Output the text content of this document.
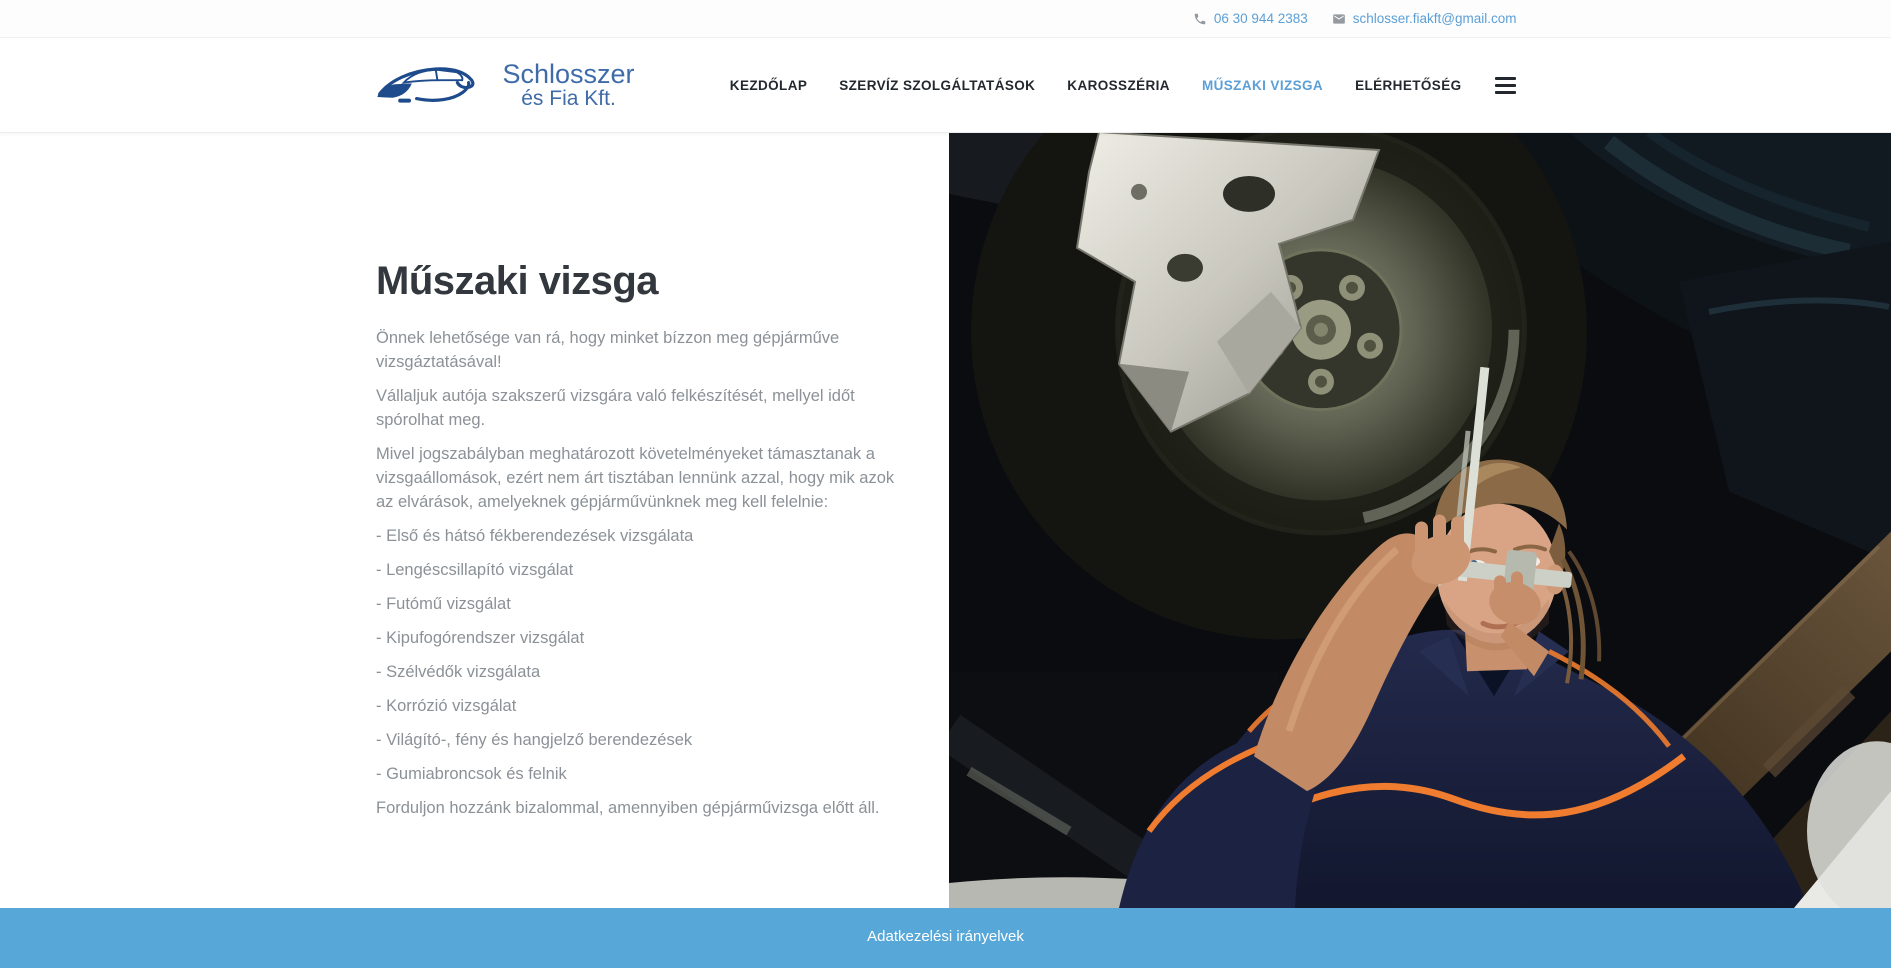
06 30 944 2383	schlosser.fiakft@gmail.com
Schlosszer
és Fia Kft.
KEZDŐLAP SZERVÍZ SZOLGÁLTATÁSOK KAROSSZÉRIA MŰSZAKI VIZSGA ELÉRHETŐSÉG
Műszaki vizsga

Önnek lehetősége van rá, hogy minket bízzon meg gépjárműve vizsgáztatásával!

Vállaljuk autója szakszerű vizsgára való felkészítését, mellyel időt spórolhat meg.

Mivel jogszabályban meghatározott követelményeket támasztanak a vizsgaállomások, ezért nem árt tisztában lennünk azzal, hogy mik azok az elvárások, amelyeknek gépjárművünknek meg kell felelnie:

- Első és hátsó fékberendezések vizsgálata

- Lengéscsillapító vizsgálat

- Futómű vizsgálat

- Kipufogórendszer vizsgálat

- Szélvédők vizsgálata

- Korrózió vizsgálat

- Világító-, fény és hangjelző berendezések

- Gumiabroncsok és felnik

Forduljon hozzánk bizalommal, amennyiben gépjárművizsga előtt áll.

Adatkezelési irányelvek
